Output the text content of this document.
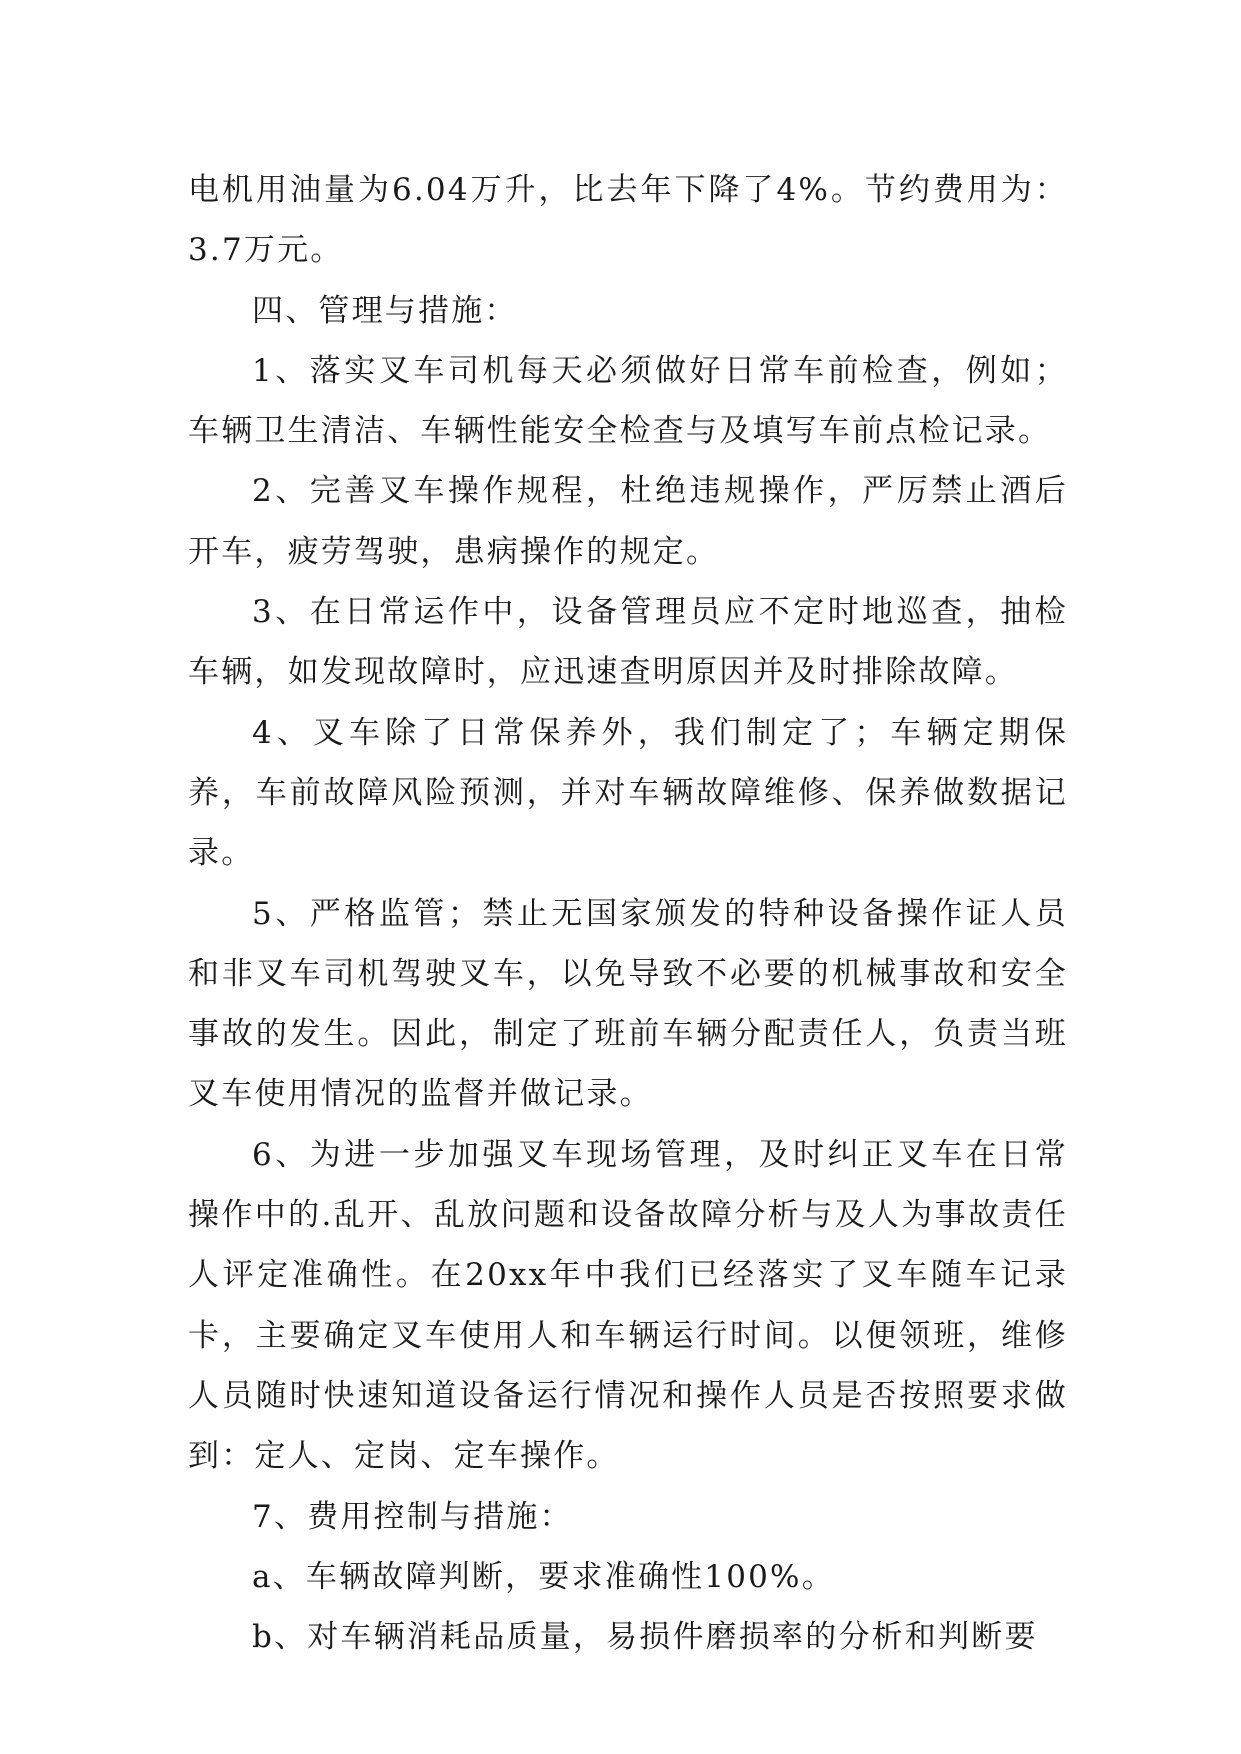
电机用油量为6.04万升，比去年下降了4%。节约费用为：3.7万元。

四、管理与措施：

1、落实叉车司机每天必须做好日常车前检查，例如；车辆卫生清洁、车辆性能安全检查与及填写车前点检记录。

2、完善叉车操作规程，杜绝违规操作，严厉禁止酒后开车，疲劳驾驶，患病操作的规定。

3、在日常运作中，设备管理员应不定时地巡查，抽检车辆，如发现故障时，应迅速查明原因并及时排除故障。

4、叉车除了日常保养外，我们制定了；车辆定期保养，车前故障风险预测，并对车辆故障维修、保养做数据记录。

5、严格监管；禁止无国家颁发的特种设备操作证人员和非叉车司机驾驶叉车，以免导致不必要的机械事故和安全事故的发生。因此，制定了班前车辆分配责任人，负责当班叉车使用情况的监督并做记录。

6、为进一步加强叉车现场管理，及时纠正叉车在日常操作中的.乱开、乱放问题和设备故障分析与及人为事故责任人评定准确性。在20xx年中我们已经落实了叉车随车记录卡，主要确定叉车使用人和车辆运行时间。以便领班，维修人员随时快速知道设备运行情况和操作人员是否按照要求做到：定人、定岗、定车操作。

7、费用控制与措施：

a、车辆故障判断，要求准确性100%。

b、对车辆消耗品质量，易损件磨损率的分析和判断要
